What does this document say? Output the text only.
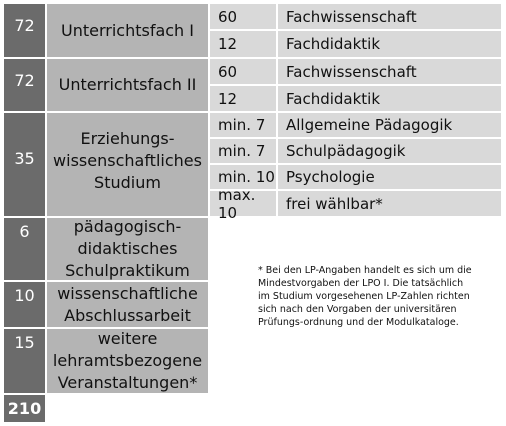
72 Unterrichtsfach I
60	Fachwissenschaft
12	Fachdidaktik
72 Unterrichtsfach II
60	Fachwissenschaft
12	Fachdidaktik
35
Erziehungs-
wissenschaftliches
Studium
min. 7 Allgemeine Pädagogik
min. 7 Schulpädagogik
min. 10 Psychologie
max. 10	frei wählbar*
6	pädagogisch-
didaktisches
Schulpraktikum
10 wissenschaftliche
Abschlussarbeit
15	weitere
lehramtsbezogene
Veranstaltungen*
210
* Bei den LP-Angaben handelt es sich um die Mindestvorgaben der LPO I. Die tatsächlich im Studium vorgesehenen LP-Zahlen richten sich nach den Vorgaben der universitären Prüfungs-ordnung und der Modulkataloge.
